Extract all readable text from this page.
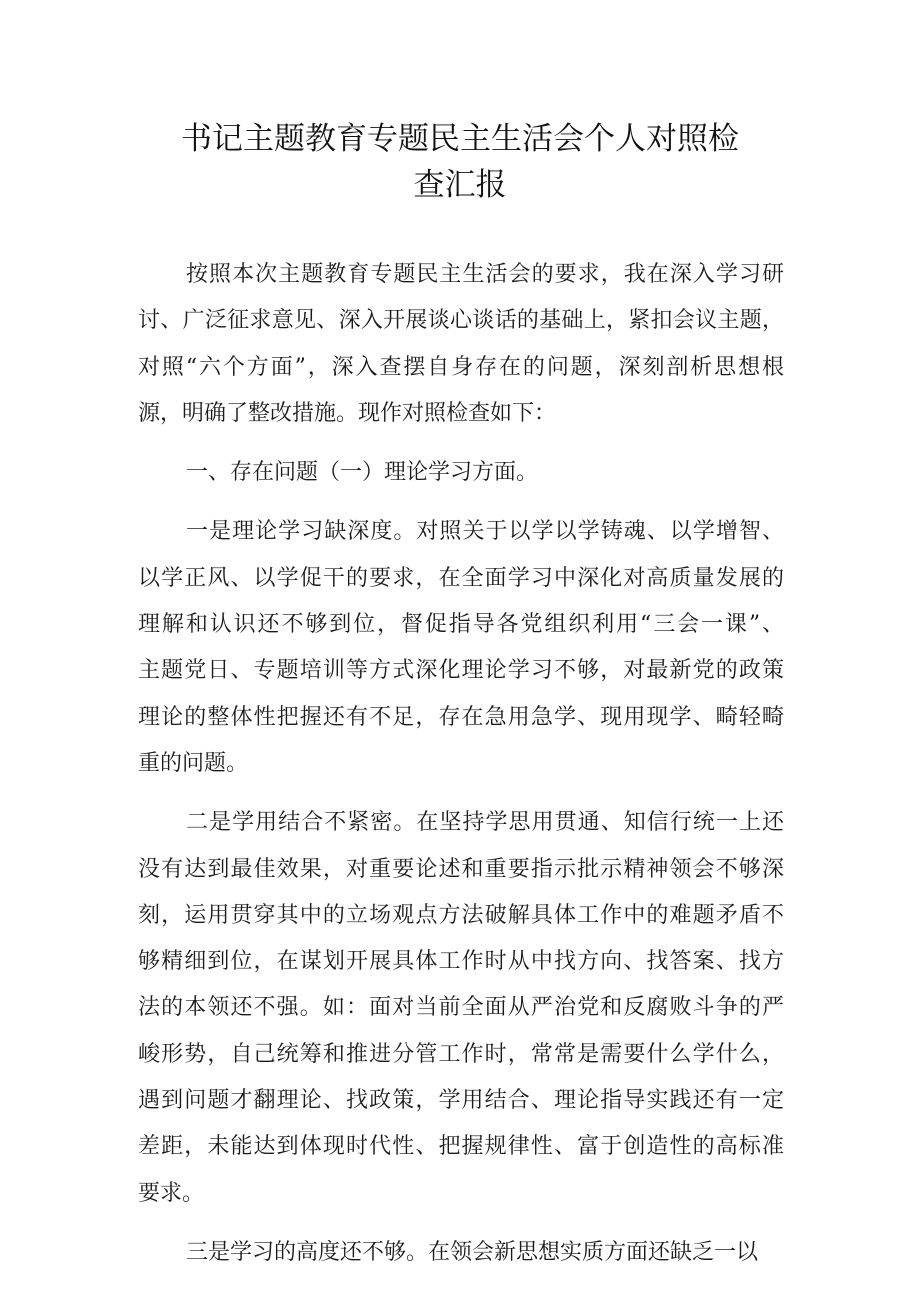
书记主题教育专题民主生活会个人对照检
查汇报
按照本次主题教育专题民主生活会的要求，我在深入学习研
讨、广泛征求意见、深入开展谈心谈话的基础上，紧扣会议主题，
对照“六个方面”，深入查摆自身存在的问题，深刻剖析思想根
源，明确了整改措施。现作对照检查如下：
一、存在问题（一）理论学习方面。
一是理论学习缺深度。对照关于以学以学铸魂、以学增智、
以学正风、以学促干的要求，在全面学习中深化对高质量发展的
理解和认识还不够到位，督促指导各党组织利用“三会一课”、
主题党日、专题培训等方式深化理论学习不够，对最新党的政策
理论的整体性把握还有不足，存在急用急学、现用现学、畸轻畸
重的问题。
二是学用结合不紧密。在坚持学思用贯通、知信行统一上还
没有达到最佳效果，对重要论述和重要指示批示精神领会不够深
刻，运用贯穿其中的立场观点方法破解具体工作中的难题矛盾不
够精细到位，在谋划开展具体工作时从中找方向、找答案、找方
法的本领还不强。如：面对当前全面从严治党和反腐败斗争的严
峻形势，自己统筹和推进分管工作时，常常是需要什么学什么，
遇到问题才翻理论、找政策，学用结合、理论指导实践还有一定
差距，未能达到体现时代性、把握规律性、富于创造性的高标准
要求。
三是学习的高度还不够。在领会新思想实质方面还缺乏一以
